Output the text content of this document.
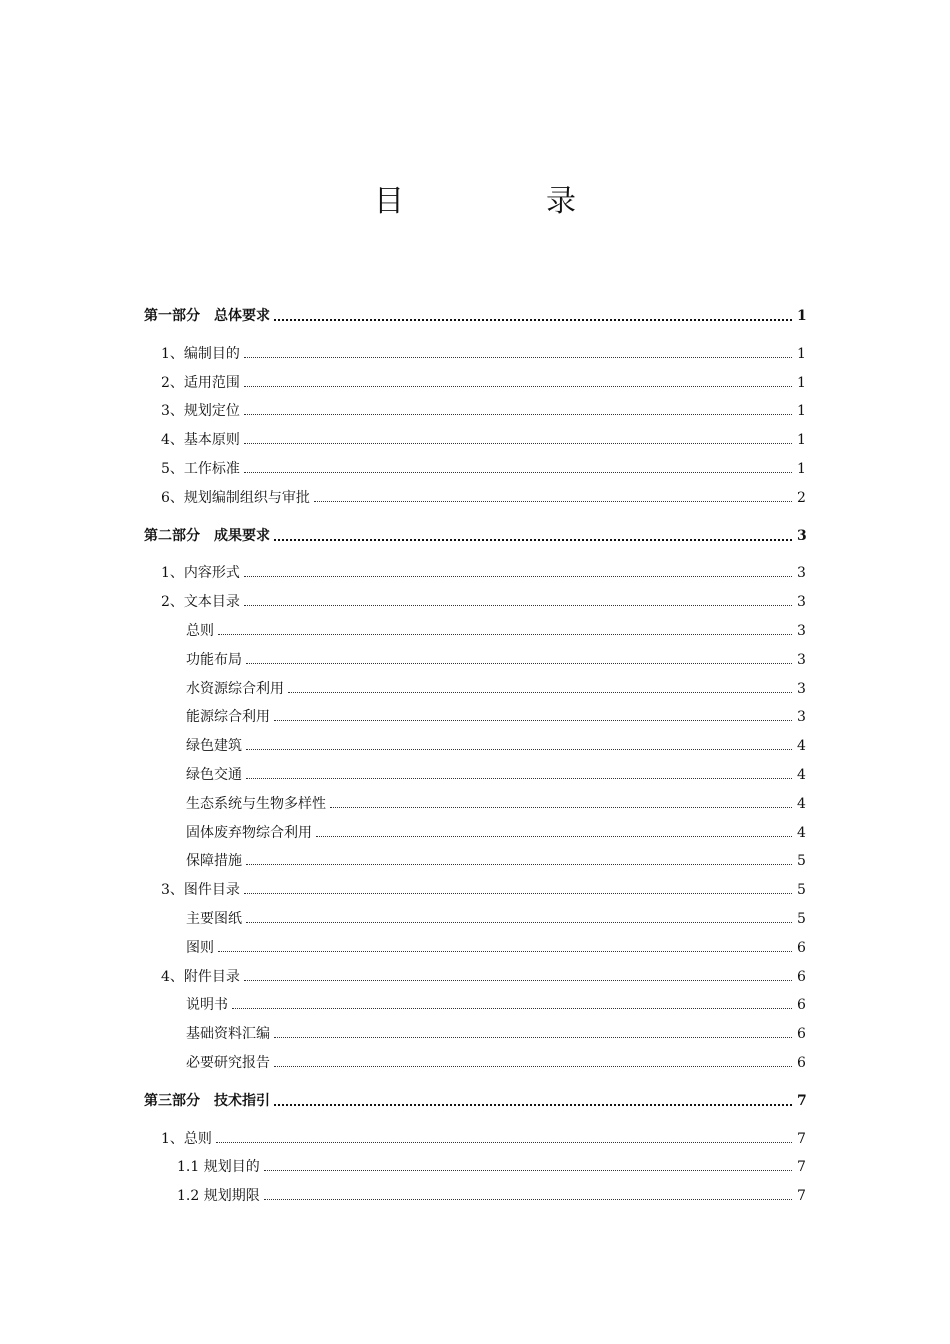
目　录
第一部分　总体要求	1
1、编制目的	1
2、适用范围	1
3、规划定位	1
4、基本原则	1
5、工作标准	1
6、规划编制组织与审批	2
第二部分　成果要求	3
1、内容形式	3
2、文本目录	3
总则	3
功能布局	3
水资源综合利用	3
能源综合利用	3
绿色建筑	4
绿色交通	4
生态系统与生物多样性	4
固体废弃物综合利用	4
保障措施	5
3、图件目录	5
主要图纸	5
图则	6
4、附件目录	6
说明书	6
基础资料汇编	6
必要研究报告	6
第三部分　技术指引	7
1、总则	7
1.1 规划目的	7
1.2 规划期限	7
